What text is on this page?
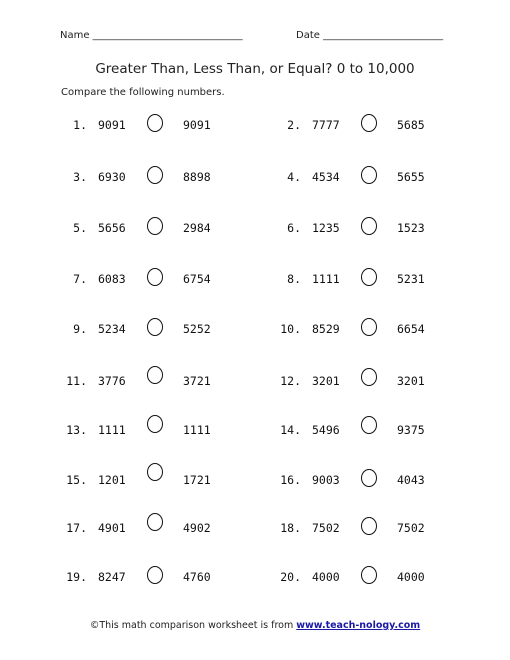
Name ______________________________	Date ________________________
Greater Than, Less Than, or Equal? 0 to 10,000
Compare the following numbers.
1. 9091	9091
3. 6930	8898
5. 5656	2984
7. 6083	6754
9. 5234	5252
11. 3776	3721
13. 1111	1111
15. 1201	1721
17. 4901	4902
19. 8247	4760
2. 7777	5685
4. 4534	5655
6. 1235	1523
8. 1111	5231
10. 8529	6654
12. 3201	3201
14. 5496	9375
16. 9003	4043
18. 7502	7502
20. 4000	4000
©This math comparison worksheet is from www.teach-nology.com
